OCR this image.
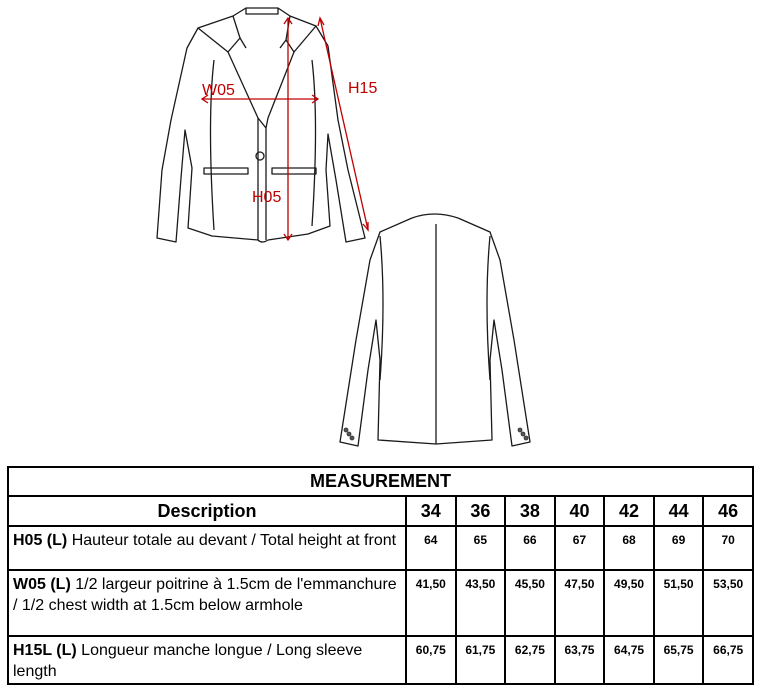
W05	H15
H05
MEASUREMENT							
Description	34	36	38	40	42	44	46
H05 (L) Hauteur totale au devant / Total height at front	64	65	66	67	68	69	70
W05 (L) 1/2 largeur poitrine à 1.5cm de l'emmanchure / 1/2 chest width at 1.5cm below armhole	41,50	43,50	45,50	47,50	49,50	51,50	53,50
H15L (L) Longueur manche longue / Long sleeve length	60,75	61,75	62,75	63,75	64,75	65,75	66,75
